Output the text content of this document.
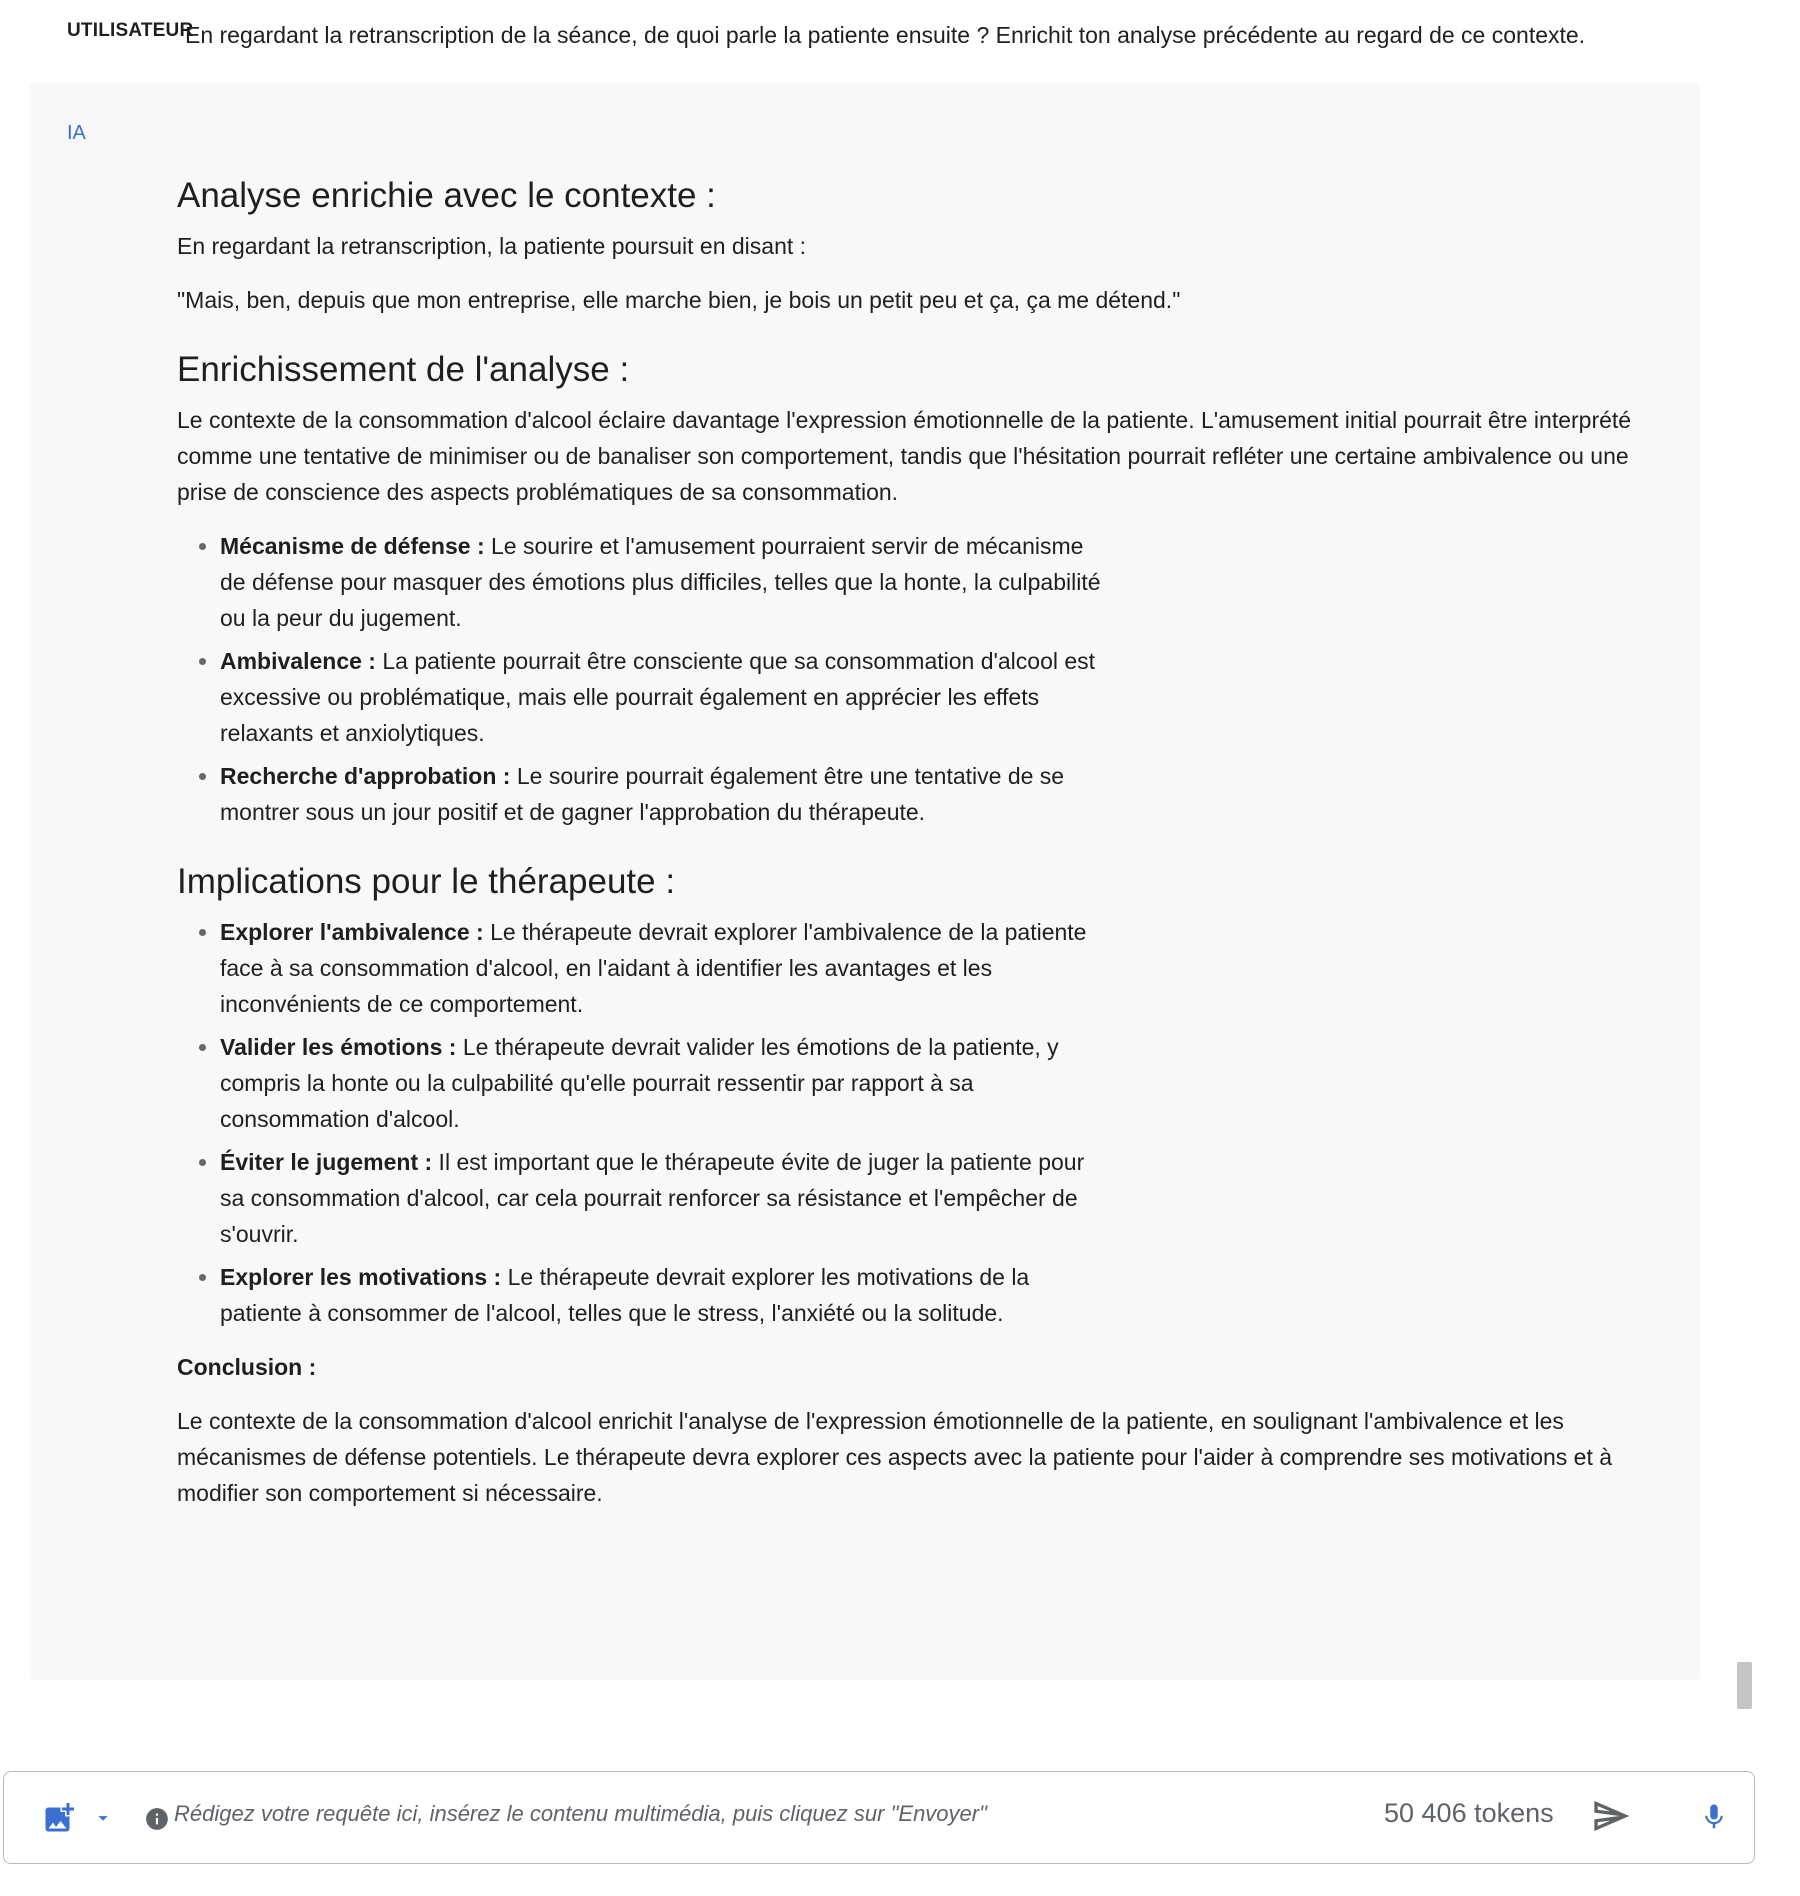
UTILISATEUR
En regardant la retranscription de la séance, de quoi parle la patiente ensuite ? Enrichit ton analyse précédente au regard de ce contexte.
IA
Analyse enrichie avec le contexte :

En regardant la retranscription, la patiente poursuit en disant :

"Mais, ben, depuis que mon entreprise, elle marche bien, je bois un petit peu et ça, ça me détend."

Enrichissement de l'analyse :

Le contexte de la consommation d'alcool éclaire davantage l'expression émotionnelle de la patiente. L'amusement initial pourrait être interprété comme une tentative de minimiser ou de banaliser son comportement, tandis que l'hésitation pourrait refléter une certaine ambivalence ou une prise de conscience des aspects problématiques de sa consommation.

• Mécanisme de défense : Le sourire et l'amusement pourraient servir de mécanisme de défense pour masquer des émotions plus difficiles, telles que la honte, la culpabilité ou la peur du jugement.
• Ambivalence : La patiente pourrait être consciente que sa consommation d'alcool est excessive ou problématique, mais elle pourrait également en apprécier les effets relaxants et anxiolytiques.
• Recherche d'approbation : Le sourire pourrait également être une tentative de se montrer sous un jour positif et de gagner l'approbation du thérapeute.
Implications pour le thérapeute :
• Explorer l'ambivalence : Le thérapeute devrait explorer l'ambivalence de la patiente face à sa consommation d'alcool, en l'aidant à identifier les avantages et les inconvénients de ce comportement.
• Valider les émotions : Le thérapeute devrait valider les émotions de la patiente, y compris la honte ou la culpabilité qu'elle pourrait ressentir par rapport à sa consommation d'alcool.
• Éviter le jugement : Il est important que le thérapeute évite de juger la patiente pour sa consommation d'alcool, car cela pourrait renforcer sa résistance et l'empêcher de s'ouvrir.
• Explorer les motivations : Le thérapeute devrait explorer les motivations de la patiente à consommer de l'alcool, telles que le stress, l'anxiété ou la solitude.

Conclusion :

Le contexte de la consommation d'alcool enrichit l'analyse de l'expression émotionnelle de la patiente, en soulignant l'ambivalence et les mécanismes de défense potentiels. Le thérapeute devra explorer ces aspects avec la patiente pour l'aider à comprendre ses motivations et à modifier son comportement si nécessaire.

Rédigez votre requête ici, insérez le contenu multimédia, puis cliquez sur "Envoyer"	50 406 tokens
